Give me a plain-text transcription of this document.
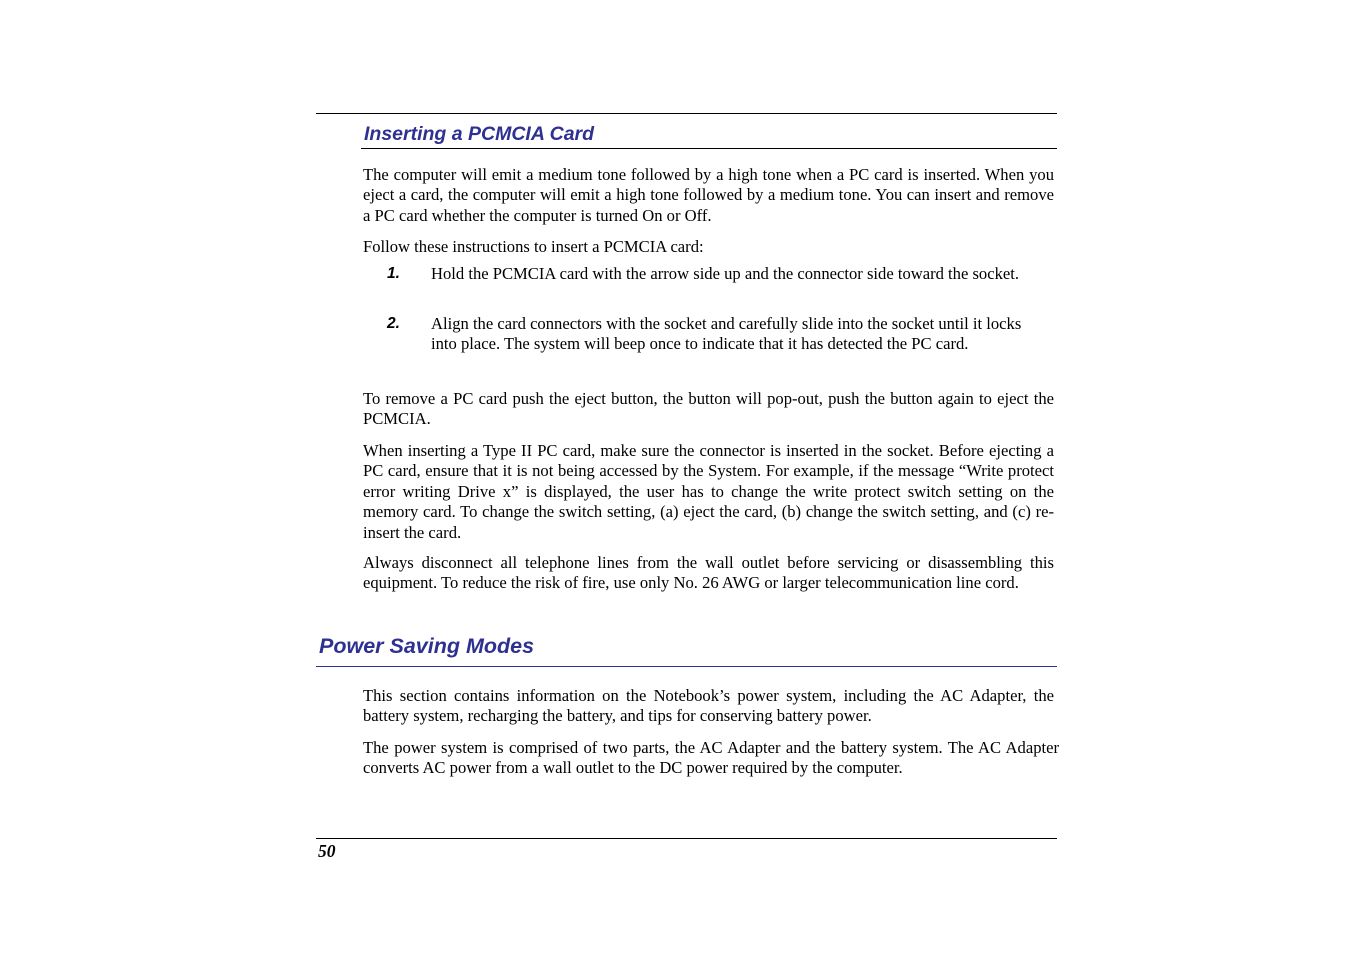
Inserting a PCMCIA Card

The computer will emit a medium tone followed by a high tone when a PC card is inserted. When you eject a card, the computer will emit a high tone followed by a medium tone. You can insert and remove a PC card whether the computer is turned On or Off.

Follow these instructions to insert a PCMCIA card:

1. Hold the PCMCIA card with the arrow side up and the connector side toward the socket.

2. Align the card connectors with the socket and carefully slide into the socket until it locks into place. The system will beep once to indicate that it has detected the PC card.

To remove a PC card push the eject button, the button will pop-out, push the button again to eject the PCMCIA.

When inserting a Type II PC card, make sure the connector is inserted in the socket. Before ejecting a PC card, ensure that it is not being accessed by the System. For example, if the message “Write protect error writing Drive x” is displayed, the user has to change the write protect switch setting on the memory card. To change the switch setting, (a) eject the card, (b) change the switch setting, and (c) re-insert the card.

Always disconnect all telephone lines from the wall outlet before servicing or disassembling this equipment. To reduce the risk of fire, use only No. 26 AWG or larger telecommunication line cord.

Power Saving Modes

This section contains information on the Notebook’s power system, including the AC Adapter, the battery system, recharging the battery, and tips for conserving battery power.

The power system is comprised of two parts, the AC Adapter and the battery system. The AC Adapter converts AC power from a wall outlet to the DC power required by the computer.

50
